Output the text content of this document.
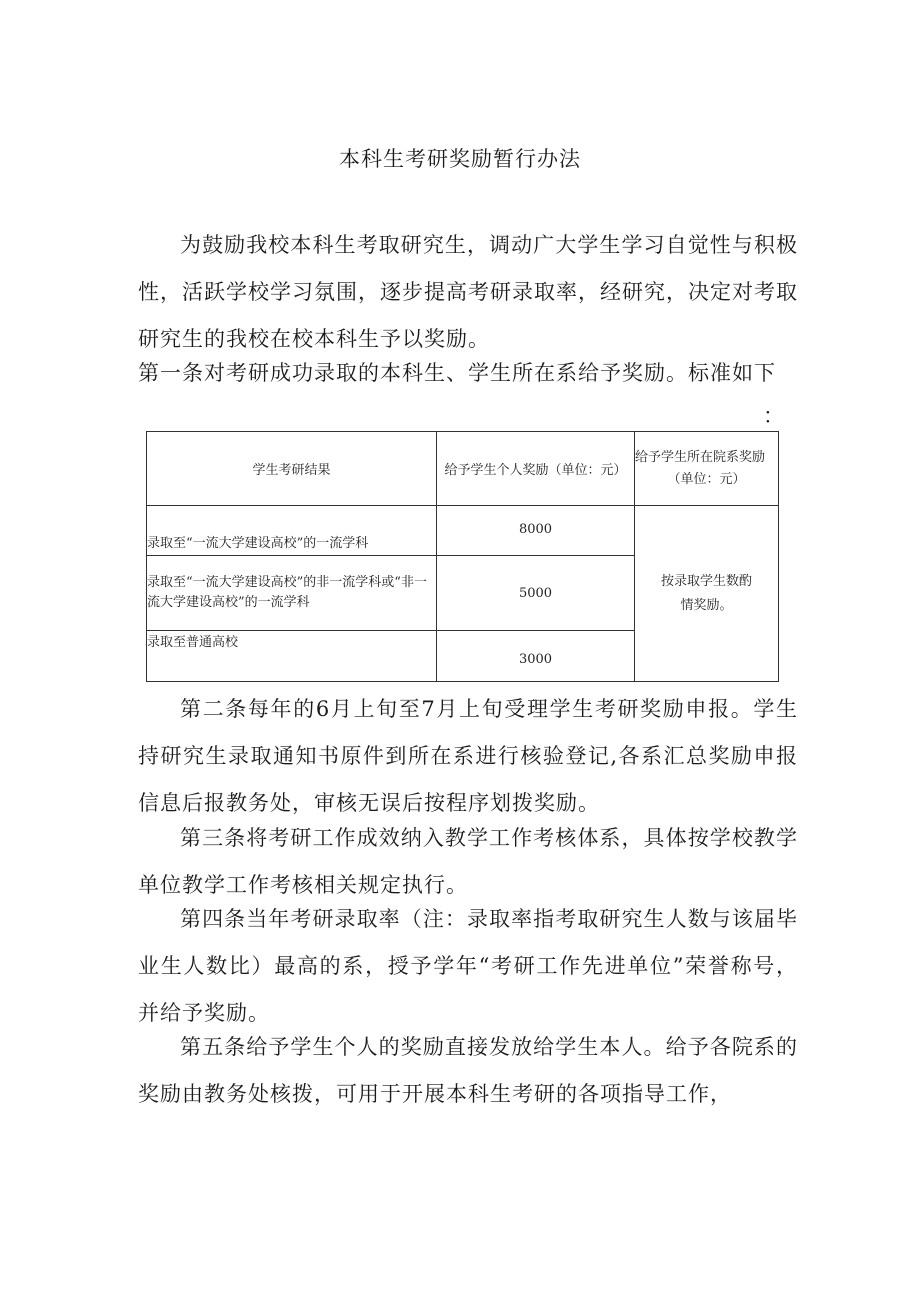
本科生考研奖励暂行办法

为鼓励我校本科生考取研究生，调动广大学生学习自觉性与积极性，活跃学校学习氛围，逐步提高考研录取率，经研究，决定对考取研究生的我校在校本科生予以奖励。

第一条对考研成功录取的本科生、学生所在系给予奖励。标准如下

：
学生考研结果	给予学生个人奖励（单位：元）	给予学生所在院系奖励
（单位：元）

录取至“一流大学建设高校”的一流学科	8000	按录取学生数酌情奖励。
录取至“一流大学建设高校”的非一流学科或“非一流大学建设高校”的一流学科	5000	
录取至普通高校	3000	

第二条每年的6月上旬至7月上旬受理学生考研奖励申报。学生持研究生录取通知书原件到所在系进行核验登记,各系汇总奖励申报信息后报教务处，审核无误后按程序划拨奖励。

第三条将考研工作成效纳入教学工作考核体系，具体按学校教学单位教学工作考核相关规定执行。

第四条当年考研录取率（注：录取率指考取研究生人数与该届毕业生人数比）最高的系，授予学年“考研工作先进单位”荣誉称号，并给予奖励。

第五条给予学生个人的奖励直接发放给学生本人。给予各院系的奖励由教务处核拨，可用于开展本科生考研的各项指导工作，
